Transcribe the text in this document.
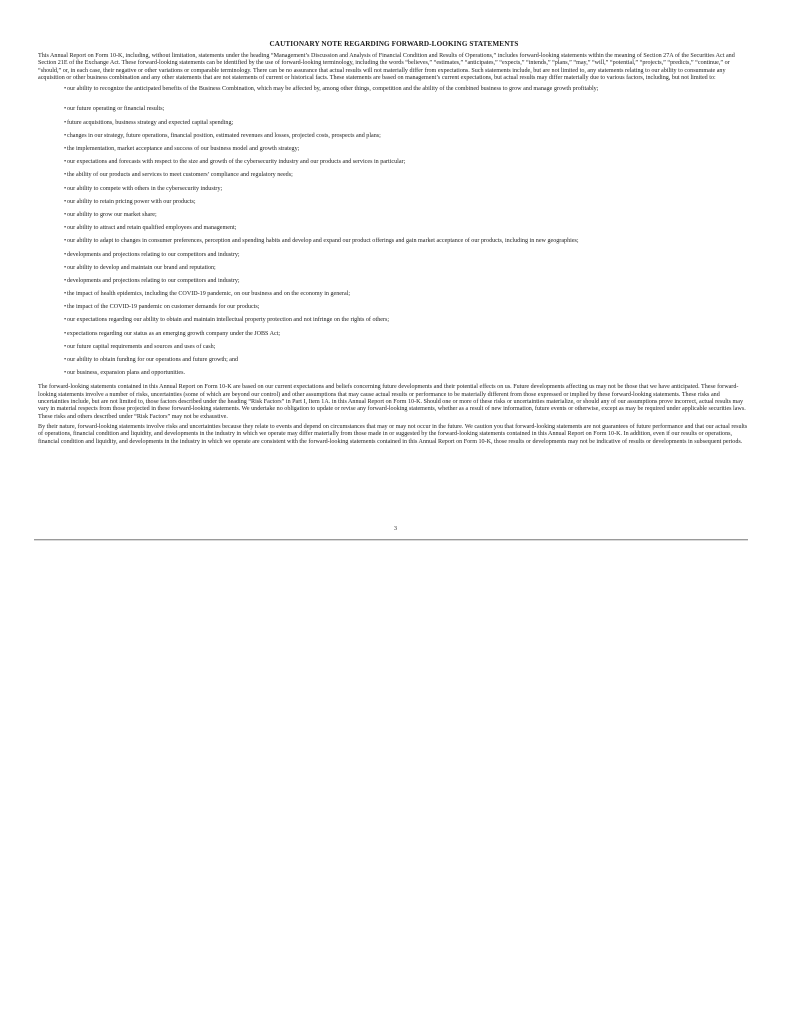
CAUTIONARY NOTE REGARDING FORWARD-LOOKING STATEMENTS

This Annual Report on Form 10-K, including, without limitation, statements under the heading “Management’s Discussion and Analysis of Financial Condition and Results of Operations,” includes forward-looking statements within the meaning of Section 27A of the Securities Act and Section 21E of the Exchange Act. These forward-looking statements can be identified by the use of forward-looking terminology, including the words “believes,” “estimates,” “anticipates,” “expects,” “intends,” “plans,” “may,” “will,” “potential,” “projects,” “predicts,” “continue,” or “should,” or, in each case, their negative or other variations or comparable terminology. There can be no assurance that actual results will not materially differ from expectations. Such statements include, but are not limited to, any statements relating to our ability to consummate any acquisition or other business combination and any other statements that are not statements of current or historical facts. These statements are based on management’s current expectations, but actual results may differ materially due to various factors, including, but not limited to:

•our ability to recognize the anticipated benefits of the Business Combination, which may be affected by, among other things, competition and the ability of the combined business to grow and manage growth profitably;
•our future operating or financial results;
•future acquisitions, business strategy and expected capital spending;
•changes in our strategy, future operations, financial position, estimated revenues and losses, projected costs, prospects and plans;
•the implementation, market acceptance and success of our business model and growth strategy;
•our expectations and forecasts with respect to the size and growth of the cybersecurity industry and our products and services in particular;
•the ability of our products and services to meet customers’ compliance and regulatory needs;
•our ability to compete with others in the cybersecurity industry;
•our ability to retain pricing power with our products;
•our ability to grow our market share;
•our ability to attract and retain qualified employees and management;
•our ability to adapt to changes in consumer preferences, perception and spending habits and develop and expand our product offerings and gain market acceptance of our products, including in new geographies;
•developments and projections relating to our competitors and industry;
•our ability to develop and maintain our brand and reputation;
•developments and projections relating to our competitors and industry;
•the impact of health epidemics, including the COVID-19 pandemic, on our business and on the economy in general;
•the impact of the COVID-19 pandemic on customer demands for our products;
•our expectations regarding our ability to obtain and maintain intellectual property protection and not infringe on the rights of others;
•expectations regarding our status as an emerging growth company under the JOBS Act;
•our future capital requirements and sources and uses of cash;
•our ability to obtain funding for our operations and future growth; and
•our business, expansion plans and opportunities.

The forward-looking statements contained in this Annual Report on Form 10-K are based on our current expectations and beliefs concerning future developments and their potential effects on us. Future developments affecting us may not be those that we have anticipated. These forward-looking statements involve a number of risks, uncertainties (some of which are beyond our control) and other assumptions that may cause actual results or performance to be materially different from those expressed or implied by these forward-looking statements. These risks and uncertainties include, but are not limited to, those factors described under the heading “Risk Factors” in Part I, Item 1A. in this Annual Report on Form 10-K. Should one or more of these risks or uncertainties materialize, or should any of our assumptions prove incorrect, actual results may vary in material respects from those projected in these forward-looking statements. We undertake no obligation to update or revise any forward-looking statements, whether as a result of new information, future events or otherwise, except as may be required under applicable securities laws. These risks and others described under “Risk Factors” may not be exhaustive.

By their nature, forward-looking statements involve risks and uncertainties because they relate to events and depend on circumstances that may or may not occur in the future. We caution you that forward-looking statements are not guarantees of future performance and that our actual results of operations, financial condition and liquidity, and developments in the industry in which we operate may differ materially from those made in or suggested by the forward-looking statements contained in this Annual Report on Form 10-K. In addition, even if our results or operations, financial condition and liquidity, and developments in the industry in which we operate are consistent with the forward-looking statements contained in this Annual Report on Form 10-K, those results or developments may not be indicative of results or developments in subsequent periods.

3
